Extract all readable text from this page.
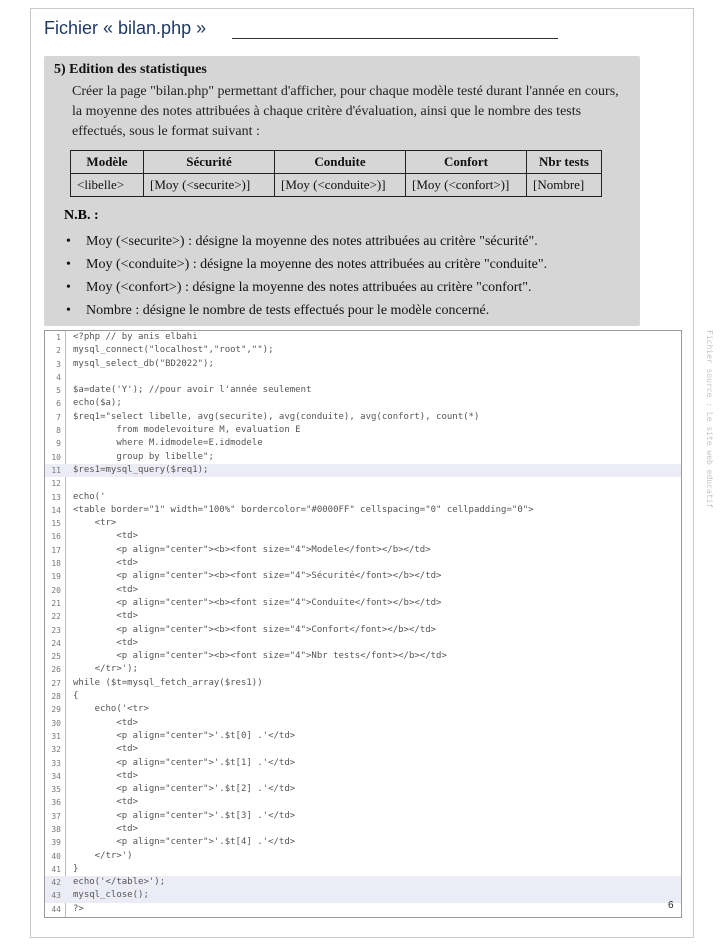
Fichier « bilan.php »
5) Edition des statistiques
Créer la page "bilan.php" permettant d'afficher, pour chaque modèle testé durant l'année en cours, la moyenne des notes attribuées à chaque critère d'évaluation, ainsi que le nombre des tests effectués, sous le format suivant :
Modèle	Sécurité	Conduite	Confort	Nbr tests
<libelle>	[Moy (<securite>)]	[Moy (<conduite>)]	[Moy (<confort>)]	[Nombre]
N.B. :
• Moy (<securite>) : désigne la moyenne des notes attribuées au critère "sécurité".
• Moy (<conduite>) : désigne la moyenne des notes attribuées au critère "conduite".
• Moy (<confort>) : désigne la moyenne des notes attribuées au critère "confort".
• Nombre : désigne le nombre de tests effectués pour le modèle concerné.
1 <?php // by anis elbahi
2 mysql_connect("localhost","root","");
3 mysql_select_db("BD2022");
4
5 $a=date('Y'); //pour avoir l'année seulement
6 echo($a);
7 $req1="select libelle, avg(securite), avg(conduite), avg(confort), count(*)
8 from modelevoiture M, evaluation E
9 where M.idmodele=E.idmodele
10 group by libelle";
11 $res1=mysql_query($req1);
12
13 echo('
14 <table border="1" width="100%" bordercolor="#0000FF" cellspacing="0" cellpadding="0">
15 <tr>
16 <td>
17 <p align="center"><b><font size="4">Modele</font></b></td>
18 <td>
19 <p align="center"><b><font size="4">Sécurité</font></b></td>
20 <td>
21 <p align="center"><b><font size="4">Conduite</font></b></td>
22 <td>
23 <p align="center"><b><font size="4">Confort</font></b></td>
24 <td>
25 <p align="center"><b><font size="4">Nbr tests</font></b></td>
26 </tr>');
27 while ($t=mysql_fetch_array($res1))
28 {
29 echo('<tr>
30 <td>
31 <p align="center">'.$t[0] .'</td>
32 <td>
33 <p align="center">'.$t[1] .'</td>
34 <td>
35 <p align="center">'.$t[2] .'</td>
36 <td>
37 <p align="center">'.$t[3] .'</td>
38 <td>
39 <p align="center">'.$t[4] .'</td>
40 </tr>')
41 }
42 echo('</table>');
43 mysql_close();
44 ?>	6
Fichier source : Le site web educatif
